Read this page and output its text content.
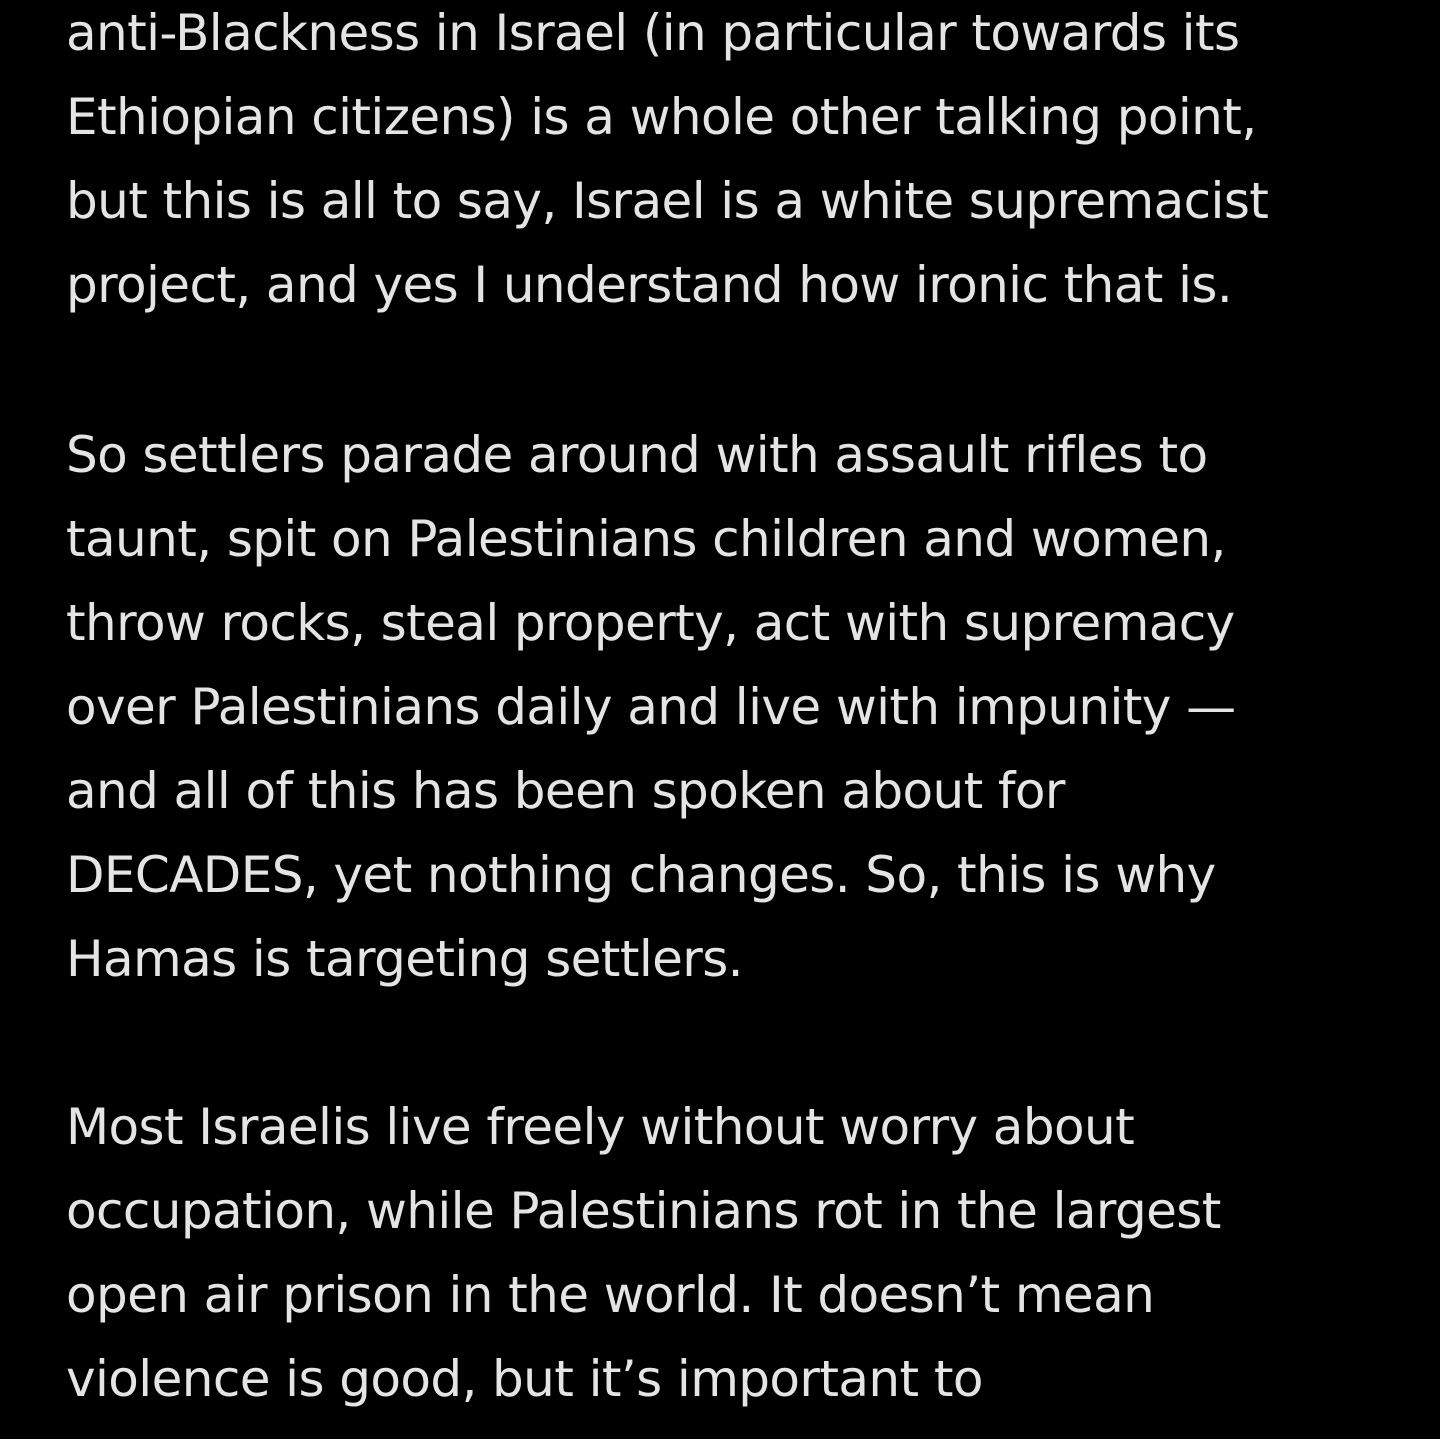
anti-Blackness in Israel (in particular towards its
Ethiopian citizens) is a whole other talking point,
but this is all to say, Israel is a white supremacist
project, and yes I understand how ironic that is.
So settlers parade around with assault rifles to
taunt, spit on Palestinians children and women,
throw rocks, steal property, act with supremacy
over Palestinians daily and live with impunity —
and all of this has been spoken about for
DECADES, yet nothing changes. So, this is why
Hamas is targeting settlers.
Most Israelis live freely without worry about
occupation, while Palestinians rot in the largest
open air prison in the world. It doesn’t mean
violence is good, but it’s important to
